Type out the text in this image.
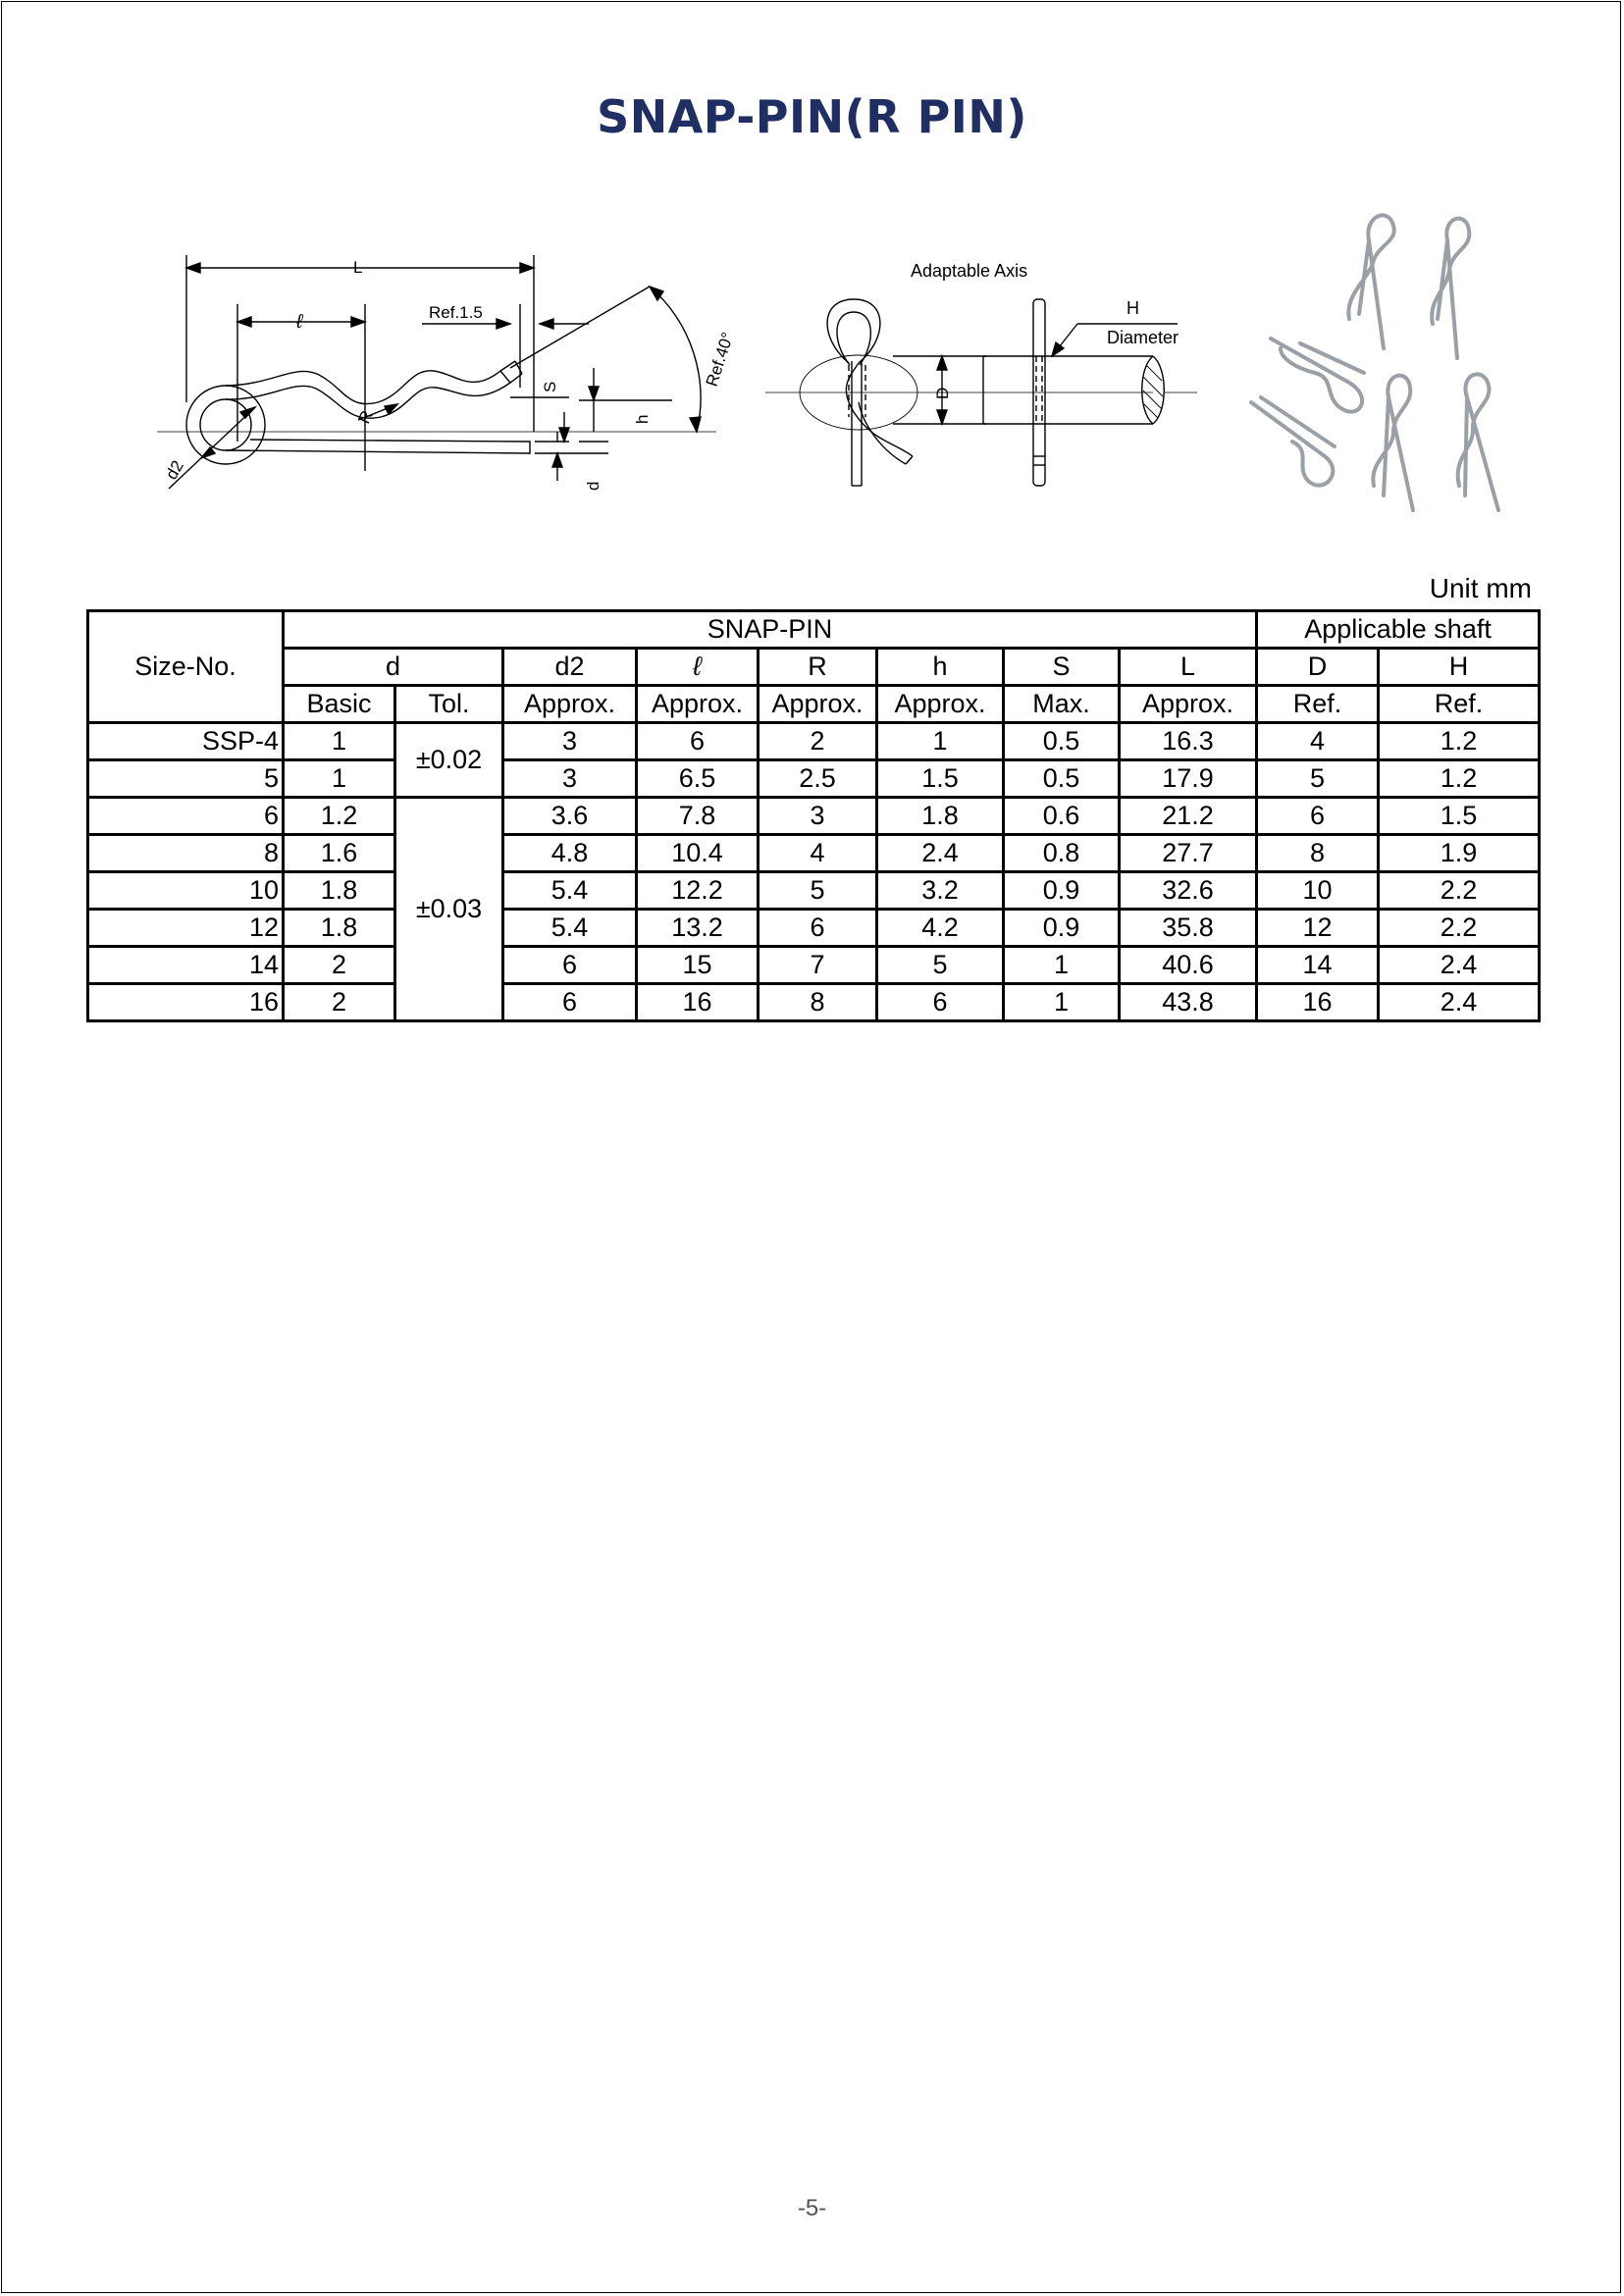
SNAP-PIN(R PIN)
L
ℓ	Ref.1.5
Ref.40°
S
h
R
d2
d
Adaptable Axis
D
H
Diameter
Unit mm
Size-No.	SNAP-PIN								Applicable shaft	
	d		d2	ℓ	R	h	S	L	D	H
	Basic	Tol.	Approx.	Approx.	Approx.	Approx.	Max.	Approx.	Ref.	Ref.
SSP-4	1	±0.02	3	6	2	1	0.5	16.3	4	1.2
5	1		3	6.5	2.5	1.5	0.5	17.9	5	1.2
6	1.2	±0.03	3.6	7.8	3	1.8	0.6	21.2	6	1.5
8	1.6		4.8	10.4	4	2.4	0.8	27.7	8	1.9
10	1.8		5.4	12.2	5	3.2	0.9	32.6	10	2.2
12	1.8		5.4	13.2	6	4.2	0.9	35.8	12	2.2
14	2		6	15	7	5	1	40.6	14	2.4
16	2		6	16	8	6	1	43.8	16	2.4
-5-
